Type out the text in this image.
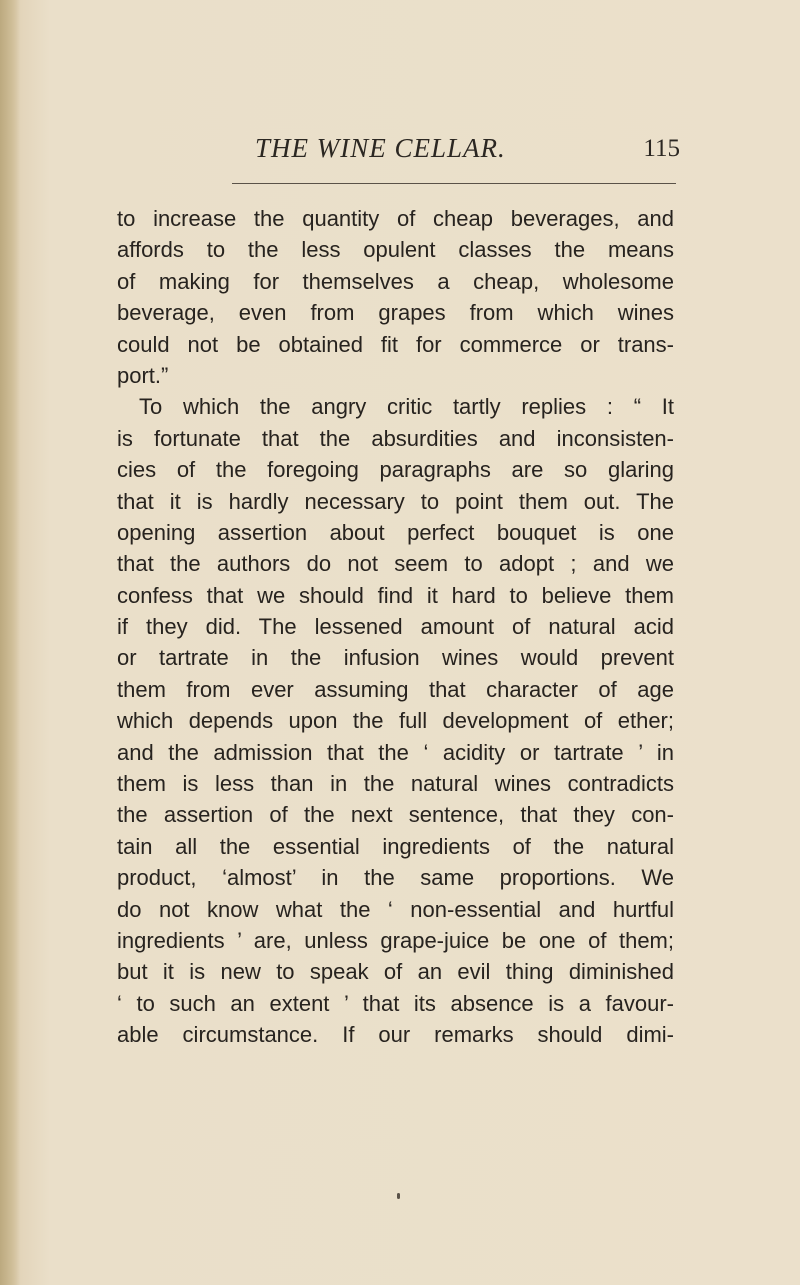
THE WINE CELLAR.	115
to increase the quantity of cheap beverages, and
affords to the less opulent classes the means
of making for themselves a cheap, wholesome
beverage, even from grapes from which wines
could not be obtained fit for commerce or trans-
port.”
To which the angry critic tartly replies : “ It
is fortunate that the absurdities and inconsisten-
cies of the foregoing paragraphs are so glaring
that it is hardly necessary to point them out. The
opening assertion about perfect bouquet is one
that the authors do not seem to adopt ; and we
confess that we should find it hard to believe them
if they did. The lessened amount of natural acid
or tartrate in the infusion wines would prevent
them from ever assuming that character of age
which depends upon the full development of ether;
and the admission that the ‘ acidity or tartrate ’ in
them is less than in the natural wines contradicts
the assertion of the next sentence, that they con-
tain all the essential ingredients of the natural
product, ‘almost’ in the same proportions. We
do not know what the ‘ non-essential and hurtful
ingredients ’ are, unless grape-juice be one of them;
but it is new to speak of an evil thing diminished
‘ to such an extent ’ that its absence is a favour-
able circumstance. If our remarks should dimi-
